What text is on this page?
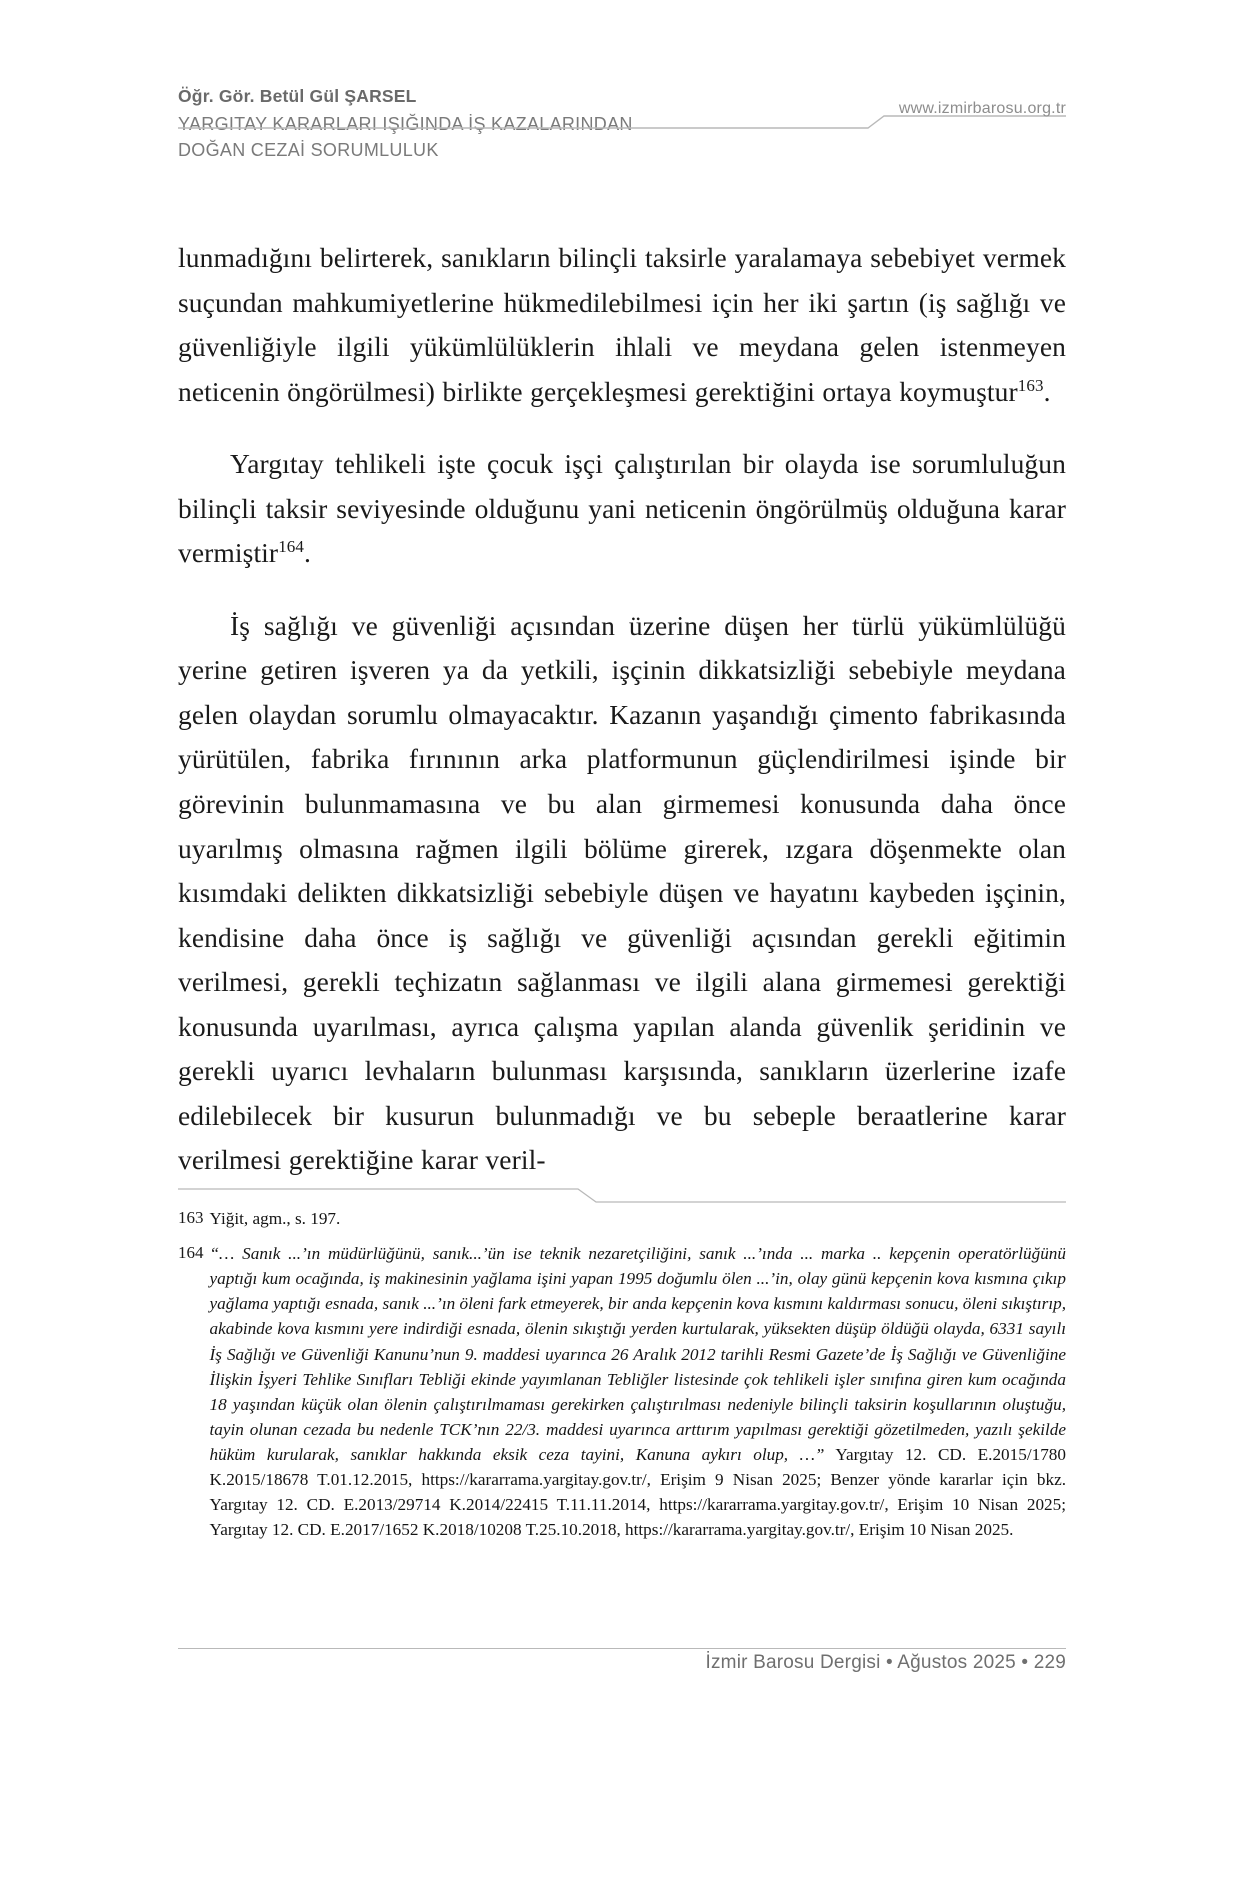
Öğr. Gör. Betül Gül ŞARSEL
YARGITAY KARARLARI IŞIĞINDA İŞ KAZALARINDAN
DOĞAN CEZAİ SORUMLULUK
www.izmirbarosu.org.tr

lunmadığını belirterek, sanıkların bilinçli taksirle yaralamaya sebebiyet vermek suçundan mahkumiyetlerine hükmedilebilmesi için her iki şartın (iş sağlığı ve güvenliğiyle ilgili yükümlülüklerin ihlali ve meydana gelen istenmeyen neticenin öngörülmesi) birlikte gerçekleşmesi gerektiğini ortaya koymuştur$^{163}$.

Yargıtay tehlikeli işte çocuk işçi çalıştırılan bir olayda ise sorumluluğun bilinçli taksir seviyesinde olduğunu yani neticenin öngörülmüş olduğuna karar vermiştir$^{164}$.

İş sağlığı ve güvenliği açısından üzerine düşen her türlü yükümlülüğü yerine getiren işveren ya da yetkili, işçinin dikkatsizliği sebebiyle meydana gelen olaydan sorumlu olmayacaktır. Kazanın yaşandığı çimento fabrikasında yürütülen, fabrika fırınının arka platformunun güçlendirilmesi işinde bir görevinin bulunmamasına ve bu alan girmemesi konusunda daha önce uyarılmış olmasına rağmen ilgili bölüme girerek, ızgara döşenmekte olan kısımdaki delikten dikkatsizliği sebebiyle düşen ve hayatını kaybeden işçinin, kendisine daha önce iş sağlığı ve güvenliği açısından gerekli eğitimin verilmesi, gerekli teçhizatın sağlanması ve ilgili alana girmemesi gerektiği konusunda uyarılması, ayrıca çalışma yapılan alanda güvenlik şeridinin ve gerekli uyarıcı levhaların bulunması karşısında, sanıkların üzerlerine izafe edilebilecek bir kusurun bulunmadığı ve bu sebeple beraatlerine karar verilmesi gerektiğine karar veril-

163 Yiğit, agm., s. 197.
164 “… Sanık ...’ın müdürlüğünü, sanık...’ün ise teknik nezaretçiliğini, sanık ...’ında ... marka .. kepçenin operatörlüğünü yaptığı kum ocağında, iş makinesinin yağlama işini yapan 1995 doğumlu ölen ...’in, olay günü kepçenin kova kısmına çıkıp yağlama yaptığı esnada, sanık ...’ın öleni fark etmeyerek, bir anda kepçenin kova kısmını kaldırması sonucu, öleni sıkıştırıp, akabinde kova kısmını yere indirdiği esnada, ölenin sıkıştığı yerden kurtularak, yüksekten düşüp öldüğü olayda, 6331 sayılı İş Sağlığı ve Güvenliği Kanunu’nun 9. maddesi uyarınca 26 Aralık 2012 tarihli Resmi Gazete’de İş Sağlığı ve Güvenliğine İlişkin İşyeri Tehlike Sınıfları Tebliği ekinde yayımlanan Tebliğler listesinde çok tehlikeli işler sınıfına giren kum ocağında 18 yaşından küçük olan ölenin çalıştırılmaması gerekirken çalıştırılması nedeniyle bilinçli taksirin koşullarının oluştuğu, tayin olunan cezada bu nedenle TCK’nın 22/3. maddesi uyarınca arttırım yapılması gerektiği gözetilmeden, yazılı şekilde hüküm kurularak, sanıklar hakkında eksik ceza tayini, Kanuna aykırı olup, …” Yargıtay 12. CD. E.2015/1780 K.2015/18678 T.01.12.2015, https://kararrama.yargitay.gov.tr/, Erişim 9 Nisan 2025; Benzer yönde kararlar için bkz. Yargıtay 12. CD. E.2013/29714 K.2014/22415 T.11.11.2014, https://kararrama.yargitay.gov.tr/, Erişim 10 Nisan 2025; Yargıtay 12. CD. E.2017/1652 K.2018/10208 T.25.10.2018, https://kararrama.yargitay.gov.tr/, Erişim 10 Nisan 2025.
İzmir Barosu Dergisi • Ağustos 2025 • 229
